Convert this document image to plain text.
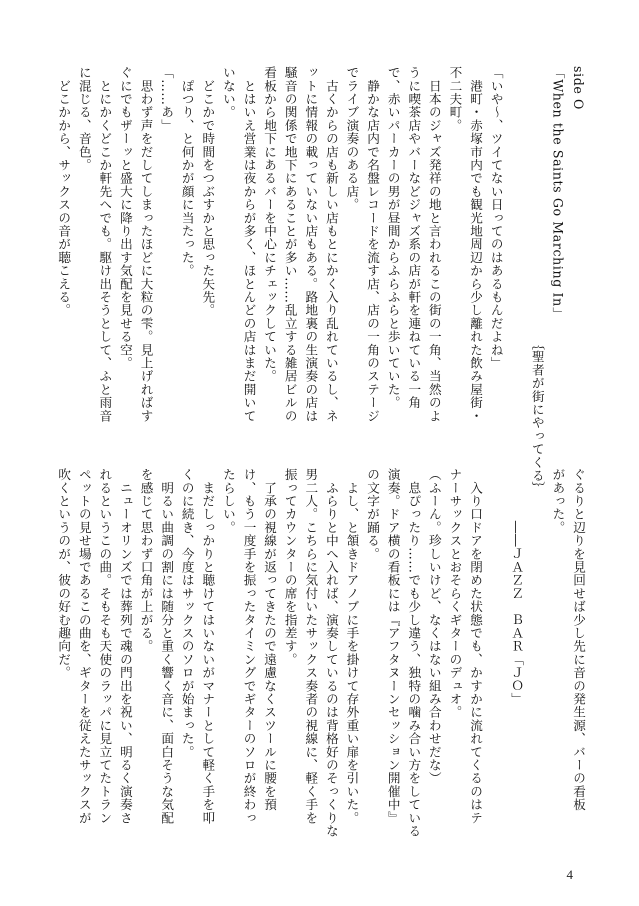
side O
「When the Saints Go Marching In」
　　　　　　　　　　　　　　　　　　　　　｛聖者が街にやってくる｝

「いや～、ツイてない日ってのはあるもんだよね」
　港町・赤塚市内でも観光地周辺から少し離れた飲み屋街・
不二夫町。
　日本のジャズ発祥の地と言われるこの街の一角、当然のよ
うに喫茶店やバーなどジャズ系の店が軒を連ねている一角
で、赤いパーカーの男が昼間からふらふらと歩いていた。
　静かな店内で名盤レコードを流す店、店の一角のステージ
でライブ演奏のある店。
　古くからの店も新しい店もとにかく入り乱れているし、ネ
ットに情報の載っていない店もある。路地裏の生演奏の店は
騒音の関係で地下にあることが多い……乱立する雑居ビルの
看板から地下にあるバーを中心にチェックしていた。
　とはいえ営業は夜からが多く、ほとんどの店はまだ開いて
いない。
　どこかで時間をつぶすかと思った矢先。
　ぽつり、と何かが顔に当たった。
「……あ」
　思わず声をだしてしまったほどに大粒の雫。見上げればす
ぐにでもザーッと盛大に降り出す気配を見せる空。
　とにかくどこか軒先へでも。駆け出そうとして、ふと雨音
に混じる、音色。
　どこかから、サックスの音が聴こえる。
ぐるりと辺りを見回せば少し先に音の発生源、バーの看板
があった。

　　　　――ＪＡＺＺ　ＢＡＲ「ＪＯ」

　入り口ドアを閉めた状態でも、かすかに流れてくるのはテ
ナーサックスとおそらくギターのデュオ。
（ふーん。珍しいけど、なくはない組み合わせだな）
　息ぴったり……でも少し違う、独特の噛み合い方をしている
演奏。ドア横の看板には『アフタヌーンセッション開催中』
の文字が踊る。
　よし、と頷きドアノブに手を掛けて存外重い扉を引いた。
　ふらりと中へ入れば、演奏しているのは背格好のそっくりな
男二人。こちらに気付いたサックス奏者の視線に、軽く手を
振ってカウンターの席を指差す。
　了承の視線が返ってきたので遠慮なくスツールに腰を預
け、もう一度手を振ったタイミングでギターのソロが終わっ
たらしい。
　まだしっかりと聴けてはいないがマナーとして軽く手を叩
くのに続き、今度はサックスのソロが始まった。
　明るい曲調の割には随分と重く響く音に、面白そうな気配
を感じて思わず口角が上がる。
　ニューオリンズでは葬列で魂の門出を祝い、明るく演奏さ
れるというこの曲。そもそも天使のラッパに見立てたトラン
ペットの見せ場であるこの曲を、ギターを従えたサックスが
吹くというのが、彼の好む趣向だ。
4
